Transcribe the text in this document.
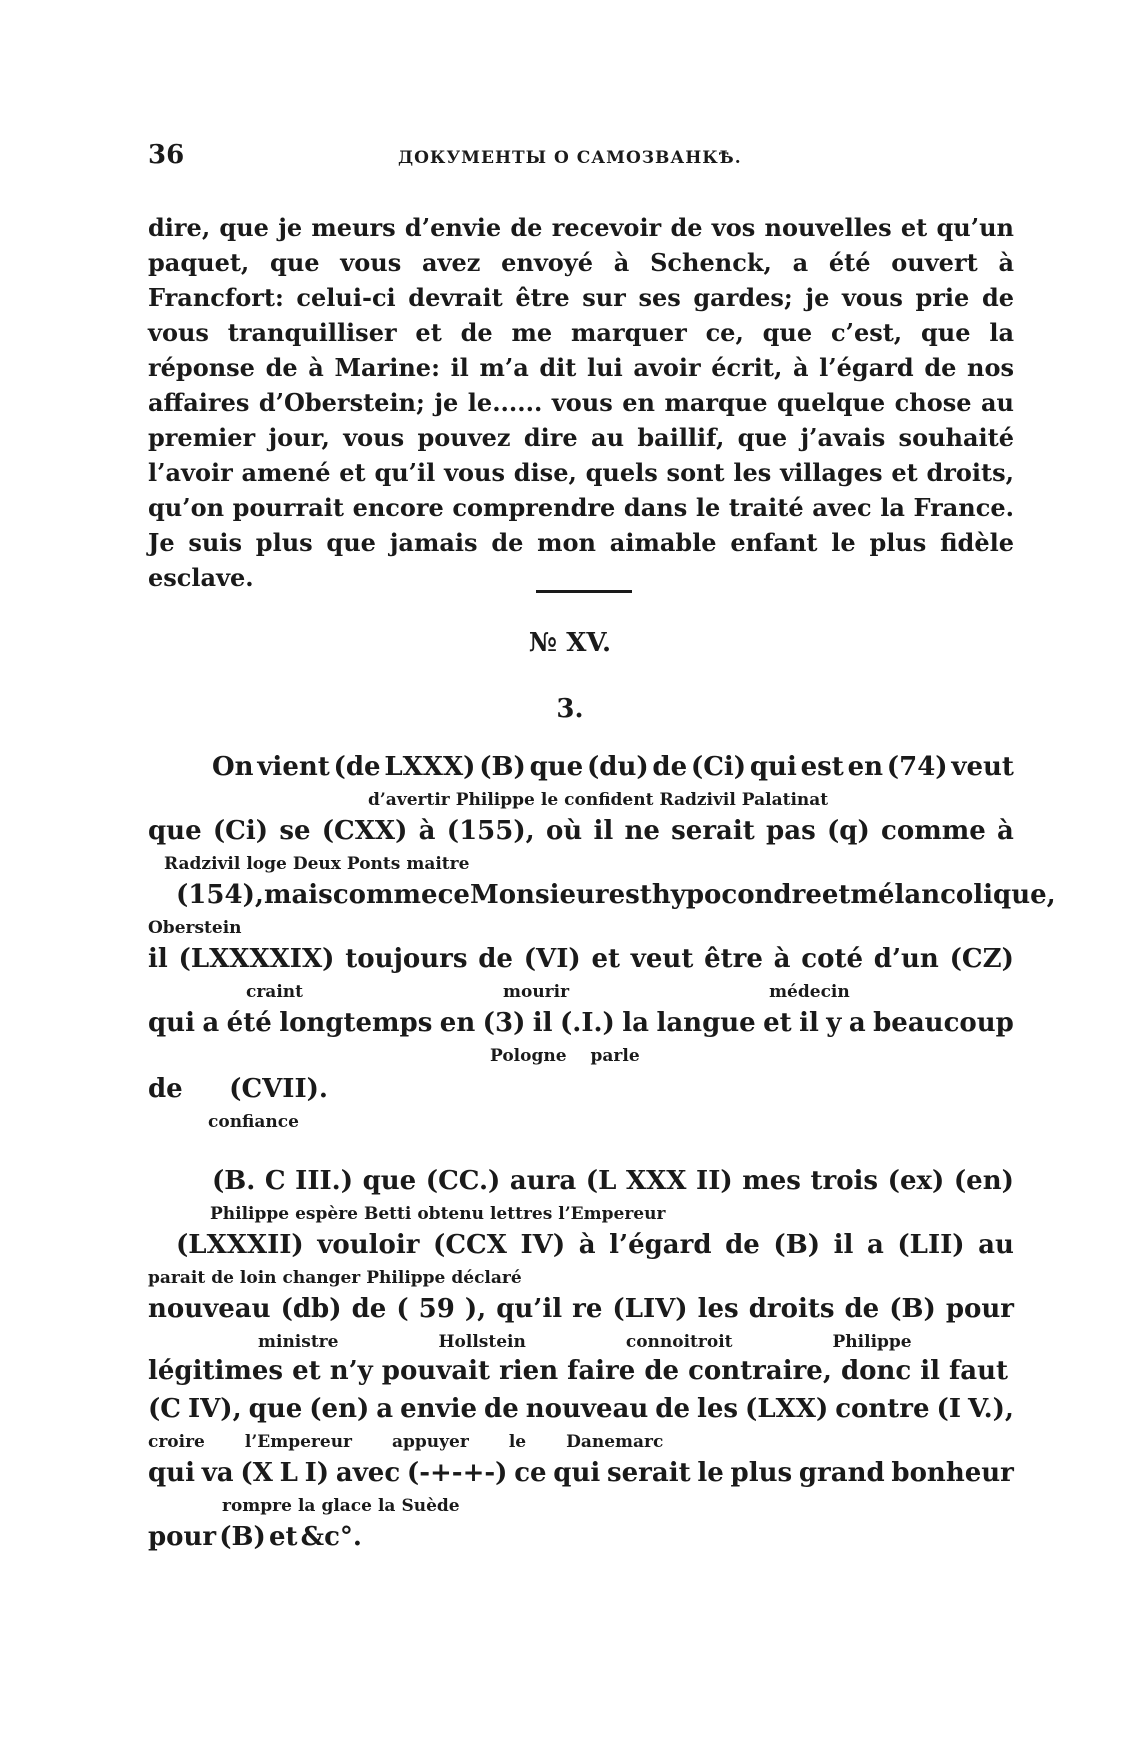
36	ДОКУМЕНТЫ О САМОЗВАНКѢ.
dire, que je meurs d’envie de recevoir de vos nouvelles et qu’un paquet, que vous avez envoyé à Schenck, a été ouvert à Francfort: celui-ci devrait être sur ses gardes; je vous prie de vous tranquilliser et de me marquer ce, que c’est, que la réponse de à Marine: il m’a dit lui avoir écrit, à l’égard de nos affaires d’Oberstein; je le...... vous en marque quelque chose au premier jour, vous pouvez dire au baillif, que j’avais souhaité l’avoir amené et qu’il vous dise, quels sont les villages et droits, qu’on pourrait encore comprendre dans le traité avec la France. Je suis plus que jamais de mon aimable enfant le plus fidèle esclave.
№ XV.
3.
On vient (de LXXX) (B) que (du) de (Ci) qui est en (74) veut
d’avertir Philippe le confident Radzivil Palatinat
que (Ci) se (CXX) à (155), où il ne serait pas (q) comme à
Radzivil loge Deux Ponts maitre
(154), mais comme ce Monsieur est hypocondre et mélancolique,
Oberstein
il (LXXXXIX) toujours de (VI) et veut être à coté d’un (CZ)
craint	mourir	médecin
qui a été longtemps en (3) il (.I.) la langue et il y a beaucoup
Pologne parle
de (CVII).
confiance
(B. C III.) que (CC.) aura (L XXX II) mes trois (ex) (en)
Philippe espère Betti obtenu lettres l’Empereur
(LXXXII) vouloir (CCX IV) à l’égard de (B) il a (LII) au
parait de loin changer Philippe déclaré
nouveau (db) de ( 59 ), qu’il re (LIV) les droits de (B) pour
ministre	Hollstein	connoitroit	Philippe
légitimes et n’y pouvait rien faire de contraire, donc il faut
(C IV), que (en) a envie de nouveau de les (LXX) contre (I V.),
croire l’Empereur appuyer le Danemarc
qui va (X L I) avec (-+-+-) ce qui serait le plus grand bonheur
rompre la glace la Suède
pour (B) et &c°.
